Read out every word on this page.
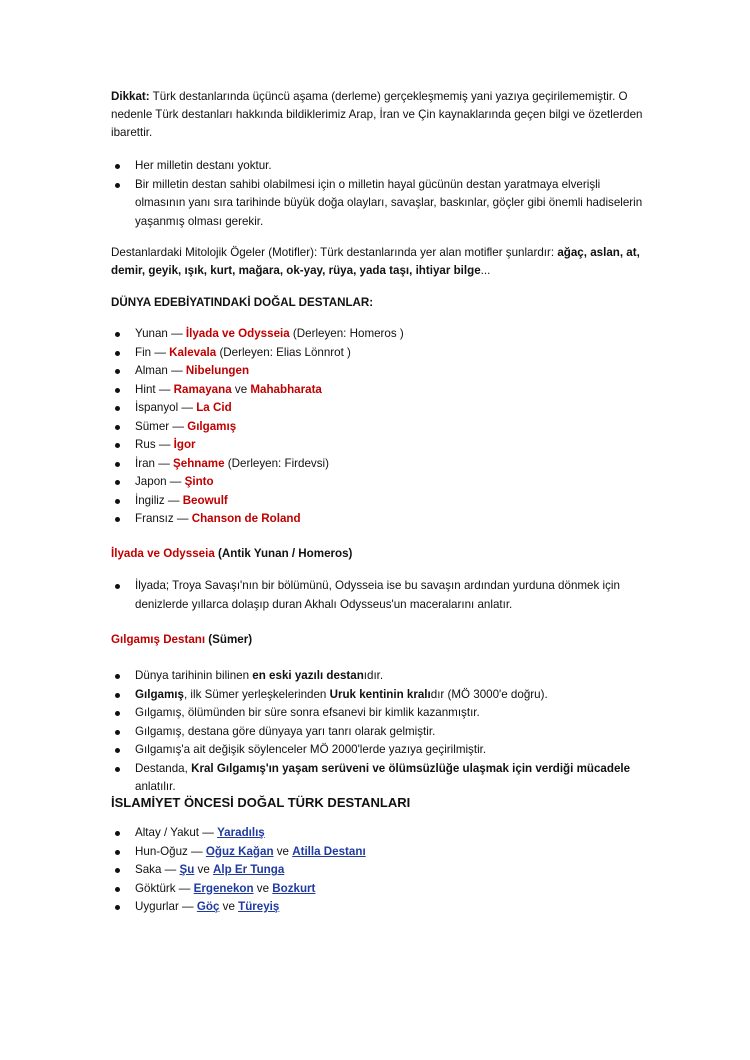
Dikkat: Türk destanlarında üçüncü aşama (derleme) gerçekleşmemiş yani yazıya geçirilememiştir. O nedenle Türk destanları hakkında bildiklerimiz Arap, İran ve Çin kaynaklarında geçen bilgi ve özetlerden ibarettir.

Her milletin destanı yoktur.
Bir milletin destan sahibi olabilmesi için o milletin hayal gücünün destan yaratmaya elverişli olmasının yanı sıra tarihinde büyük doğa olayları, savaşlar, baskınlar, göçler gibi önemli hadiselerin yaşanmış olması gerekir.

Destanlardaki Mitolojik Ögeler (Motifler): Türk destanlarında yer alan motifler şunlardır: ağaç, aslan, at, demir, geyik, ışık, kurt, mağara, ok-yay, rüya, yada taşı, ihtiyar bilge...

DÜNYA EDEBİYATINDAKİ DOĞAL DESTANLAR:
Yunan — İlyada ve Odysseia (Derleyen: Homeros )
Fin — Kalevala (Derleyen: Elias Lönnrot )
Alman — Nibelungen
Hint — Ramayana ve Mahabharata
İspanyol — La Cid
Sümer — Gılgamış
Rus — İgor
İran — Şehname (Derleyen: Firdevsi)
Japon — Şinto
İngiliz — Beowulf
Fransız — Chanson de Roland
İlyada ve Odysseia (Antik Yunan / Homeros)
İlyada; Troya Savaşı'nın bir bölümünü, Odysseia ise bu savaşın ardından yurduna dönmek için denizlerde yıllarca dolaşıp duran Akhalı Odysseus'un maceralarını anlatır.
Gılgamış Destanı (Sümer)
Dünya tarihinin bilinen en eski yazılı destanıdır.
Gılgamış, ilk Sümer yerleşkelerinden Uruk kentinin kralıdır (MÖ 3000'e doğru).
Gılgamış, ölümünden bir süre sonra efsanevi bir kimlik kazanmıştır.
Gılgamış, destana göre dünyaya yarı tanrı olarak gelmiştir.
Gılgamış'a ait değişik söylenceler MÖ 2000'lerde yazıya geçirilmiştir.
Destanda, Kral Gılgamış'ın yaşam serüveni ve ölümsüzlüğe ulaşmak için verdiği mücadele anlatılır.
İSLAMİYET ÖNCESİ DOĞAL TÜRK DESTANLARI
Altay / Yakut — Yaradılış
Hun-Oğuz — Oğuz Kağan ve Atilla Destanı
Saka — Şu ve Alp Er Tunga
Göktürk — Ergenekon ve Bozkurt
Uygurlar — Göç ve Türeyiş
